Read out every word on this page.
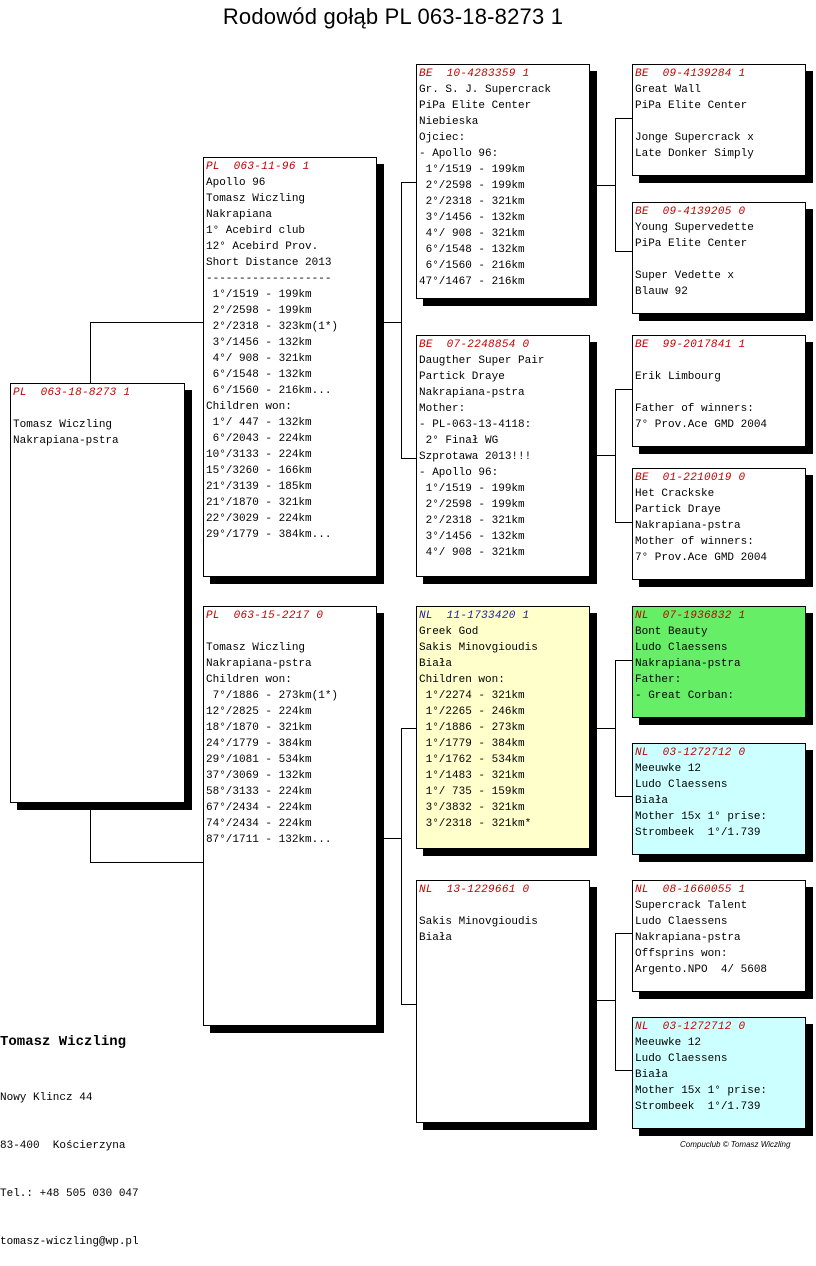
Rodowód gołąb PL 063-18-8273 1
PL  063-18-8273 1

Tomasz Wiczling
Nakrapiana-pstra
PL  063-11-96 1
Apollo 96
Tomasz Wiczling
Nakrapiana
1° Acebird club
12° Acebird Prov.
Short Distance 2013
-------------------
1°/1519 - 199km
2°/2598 - 199km
2°/2318 - 323km(1*)
3°/1456 - 132km
4°/ 908 - 321km
6°/1548 - 132km
6°/1560 - 216km...
Children won:
1°/ 447 - 132km
6°/2043 - 224km
10°/3133 - 224km
15°/3260 - 166km
21°/3139 - 185km
21°/1870 - 321km
22°/3029 - 224km
29°/1779 - 384km...
PL  063-15-2217 0

Tomasz Wiczling
Nakrapiana-pstra
Children won:
7°/1886 - 273km(1*)
12°/2825 - 224km
18°/1870 - 321km
24°/1779 - 384km
29°/1081 - 534km
37°/3069 - 132km
58°/3133 - 224km
67°/2434 - 224km
74°/2434 - 224km
87°/1711 - 132km...
BE  10-4283359 1
Gr. S. J. Supercrack
PiPa Elite Center
Niebieska
Ojciec:
- Apollo 96:
1°/1519 - 199km
2°/2598 - 199km
2°/2318 - 321km
3°/1456 - 132km
4°/ 908 - 321km
6°/1548 - 132km
6°/1560 - 216km
47°/1467 - 216km
BE  07-2248854 0
Daugther Super Pair
Partick Draye
Nakrapiana-pstra
Mother:
- PL-063-13-4118:
2° Finał WG
Szprotawa 2013!!!
- Apollo 96:
1°/1519 - 199km
2°/2598 - 199km
2°/2318 - 321km
3°/1456 - 132km
4°/ 908 - 321km
NL  11-1733420 1
Greek God
Sakis Minovgioudis
Biała
Children won:
1°/2274 - 321km
1°/2265 - 246km
1°/1886 - 273km
1°/1779 - 384km
1°/1762 - 534km
1°/1483 - 321km
1°/ 735 - 159km
3°/3832 - 321km
3°/2318 - 321km*
NL  13-1229661 0

Sakis Minovgioudis
Biała
BE  09-4139284 1
Great Wall
PiPa Elite Center

Jonge Supercrack x
Late Donker Simply
BE  09-4139205 0
Young Supervedette
PiPa Elite Center

Super Vedette x
Blauw 92
BE  99-2017841 1

Erik Limbourg

Father of winners:
7° Prov.Ace GMD 2004
BE  01-2210019 0
Het Crackske
Partick Draye
Nakrapiana-pstra
Mother of winners:
7° Prov.Ace GMD 2004
NL  07-1936832 1
Bont Beauty
Ludo Claessens
Nakrapiana-pstra
Father:
- Great Corban:
NL  03-1272712 0
Meeuwke 12
Ludo Claessens
Biała
Mother 15x 1° prise:
Strombeek  1°/1.739
NL  08-1660055 1
Supercrack Talent
Ludo Claessens
Nakrapiana-pstra
Offsprins won:
Argento.NPO  4/ 5608
NL  03-1272712 0
Meeuwke 12
Ludo Claessens
Biała
Mother 15x 1° prise:
Strombeek  1°/1.739
Tomasz Wiczling

Nowy Klincz 44

83-400  Kościerzyna

Tel.: +48 505 030 047

tomasz-wiczling@wp.pl

Compuclub © Tomasz Wiczling
